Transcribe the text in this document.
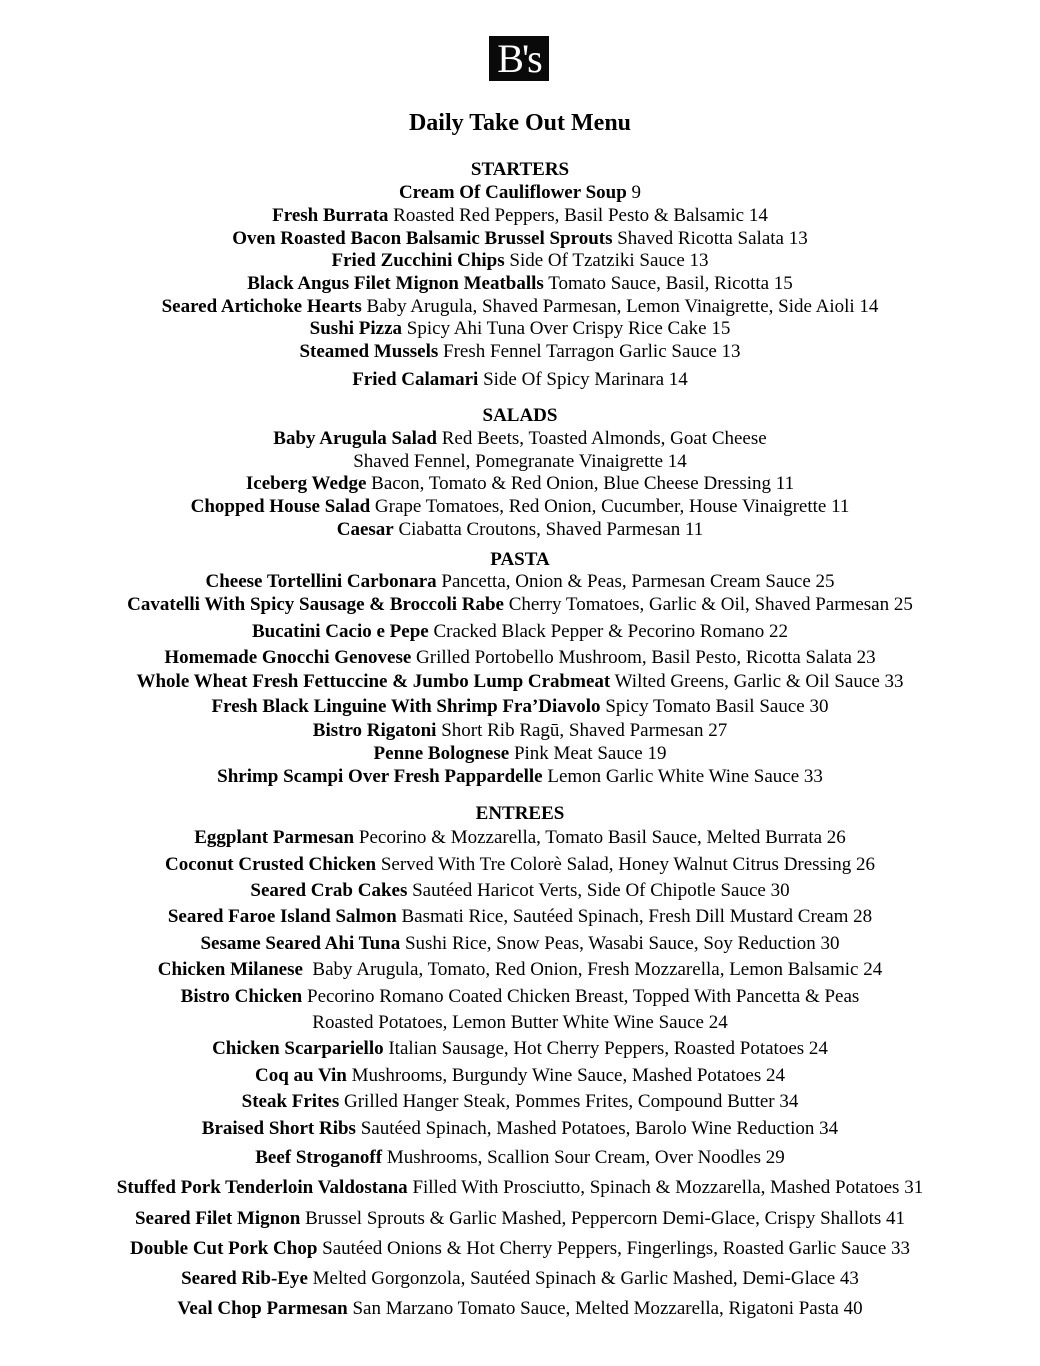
B's
Daily Take Out Menu
STARTERS
Cream Of Cauliflower Soup 9
Fresh Burrata Roasted Red Peppers, Basil Pesto & Balsamic 14
Oven Roasted Bacon Balsamic Brussel Sprouts Shaved Ricotta Salata 13
Fried Zucchini Chips Side Of Tzatziki Sauce 13
Black Angus Filet Mignon Meatballs Tomato Sauce, Basil, Ricotta 15
Seared Artichoke Hearts Baby Arugula, Shaved Parmesan, Lemon Vinaigrette, Side Aioli 14
Sushi Pizza Spicy Ahi Tuna Over Crispy Rice Cake 15
Steamed Mussels Fresh Fennel Tarragon Garlic Sauce 13
Fried Calamari Side Of Spicy Marinara 14
SALADS
Baby Arugula Salad Red Beets, Toasted Almonds, Goat Cheese
Shaved Fennel, Pomegranate Vinaigrette 14
Iceberg Wedge Bacon, Tomato & Red Onion, Blue Cheese Dressing 11
Chopped House Salad Grape Tomatoes, Red Onion, Cucumber, House Vinaigrette 11
Caesar Ciabatta Croutons, Shaved Parmesan 11
PASTA
Cheese Tortellini Carbonara Pancetta, Onion & Peas, Parmesan Cream Sauce 25
Cavatelli With Spicy Sausage & Broccoli Rabe Cherry Tomatoes, Garlic & Oil, Shaved Parmesan 25
Bucatini Cacio e Pepe Cracked Black Pepper & Pecorino Romano 22
Homemade Gnocchi Genovese Grilled Portobello Mushroom, Basil Pesto, Ricotta Salata 23
Whole Wheat Fresh Fettuccine & Jumbo Lump Crabmeat Wilted Greens, Garlic & Oil Sauce 33
Fresh Black Linguine With Shrimp Fra’Diavolo Spicy Tomato Basil Sauce 30
Bistro Rigatoni Short Rib Ragū, Shaved Parmesan 27
Penne Bolognese Pink Meat Sauce 19
Shrimp Scampi Over Fresh Pappardelle Lemon Garlic White Wine Sauce 33
ENTREES
Eggplant Parmesan Pecorino & Mozzarella, Tomato Basil Sauce, Melted Burrata 26
Coconut Crusted Chicken Served With Tre Colorè Salad, Honey Walnut Citrus Dressing 26
Seared Crab Cakes Sautéed Haricot Verts, Side Of Chipotle Sauce 30
Seared Faroe Island Salmon Basmati Rice, Sautéed Spinach, Fresh Dill Mustard Cream 28
Sesame Seared Ahi Tuna Sushi Rice, Snow Peas, Wasabi Sauce, Soy Reduction 30
Chicken Milanese  Baby Arugula, Tomato, Red Onion, Fresh Mozzarella, Lemon Balsamic 24
Bistro Chicken Pecorino Romano Coated Chicken Breast, Topped With Pancetta & Peas
Roasted Potatoes, Lemon Butter White Wine Sauce 24
Chicken Scarpariello Italian Sausage, Hot Cherry Peppers, Roasted Potatoes 24
Coq au Vin Mushrooms, Burgundy Wine Sauce, Mashed Potatoes 24
Steak Frites Grilled Hanger Steak, Pommes Frites, Compound Butter 34
Braised Short Ribs Sautéed Spinach, Mashed Potatoes, Barolo Wine Reduction 34
Beef Stroganoff Mushrooms, Scallion Sour Cream, Over Noodles 29
Stuffed Pork Tenderloin Valdostana Filled With Prosciutto, Spinach & Mozzarella, Mashed Potatoes 31
Seared Filet Mignon Brussel Sprouts & Garlic Mashed, Peppercorn Demi-Glace, Crispy Shallots 41
Double Cut Pork Chop Sautéed Onions & Hot Cherry Peppers, Fingerlings, Roasted Garlic Sauce 33
Seared Rib-Eye Melted Gorgonzola, Sautéed Spinach & Garlic Mashed, Demi-Glace 43
Veal Chop Parmesan San Marzano Tomato Sauce, Melted Mozzarella, Rigatoni Pasta 40
